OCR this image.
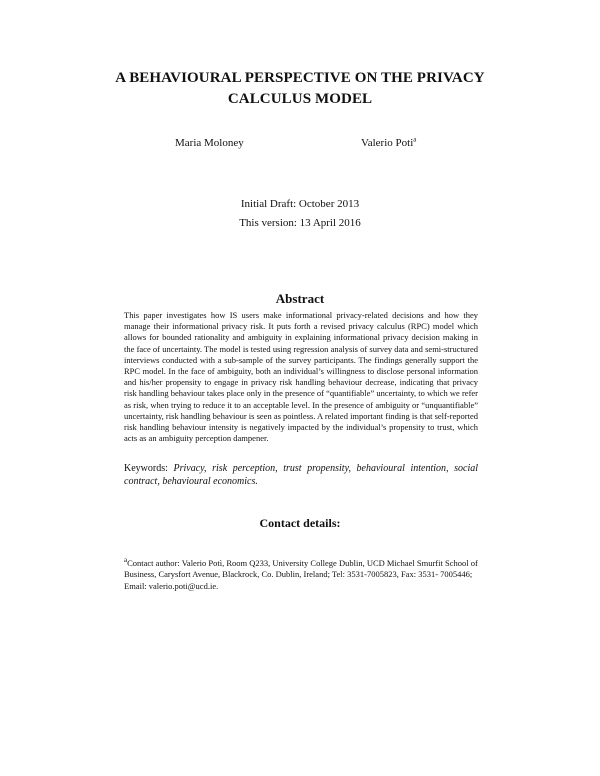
A BEHAVIOURAL PERSPECTIVE ON THE PRIVACY
CALCULUS MODEL
Maria Moloney	Valerio Poti$^a$
Initial Draft: October 2013
This version: 13 April 2016
Abstract

This paper investigates how IS users make informational privacy-related decisions and how they manage their informational privacy risk. It puts forth a revised privacy calculus (RPC) model which allows for bounded rationality and ambiguity in explaining informational privacy decision making in the face of uncertainty. The model is tested using regression analysis of survey data and semi-structured interviews conducted with a sub-sample of the survey participants. The findings generally support the RPC model. In the face of ambiguity, both an individual’s willingness to disclose personal information and his/her propensity to engage in privacy risk handling behaviour decrease, indicating that privacy risk handling behaviour takes place only in the presence of “quantifiable” uncertainty, to which we refer as risk, when trying to reduce it to an acceptable level. In the presence of ambiguity or “unquantifiable” uncertainty, risk handling behaviour is seen as pointless. A related important finding is that self-reported risk handling behaviour intensity is negatively impacted by the individual’s propensity to trust, which acts as an ambiguity perception dampener.

Keywords: Privacy, risk perception, trust propensity, behavioural intention, social contract, behavioural economics.

Contact details:

$^a$Contact author: Valerio Potì, Room Q233, University College Dublin, UCD Michael Smurfit School of Business, Carysfort Avenue, Blackrock, Co. Dublin, Ireland; Tel: 3531-7005823, Fax: 3531- 7005446; Email: valerio.poti@ucd.ie.
